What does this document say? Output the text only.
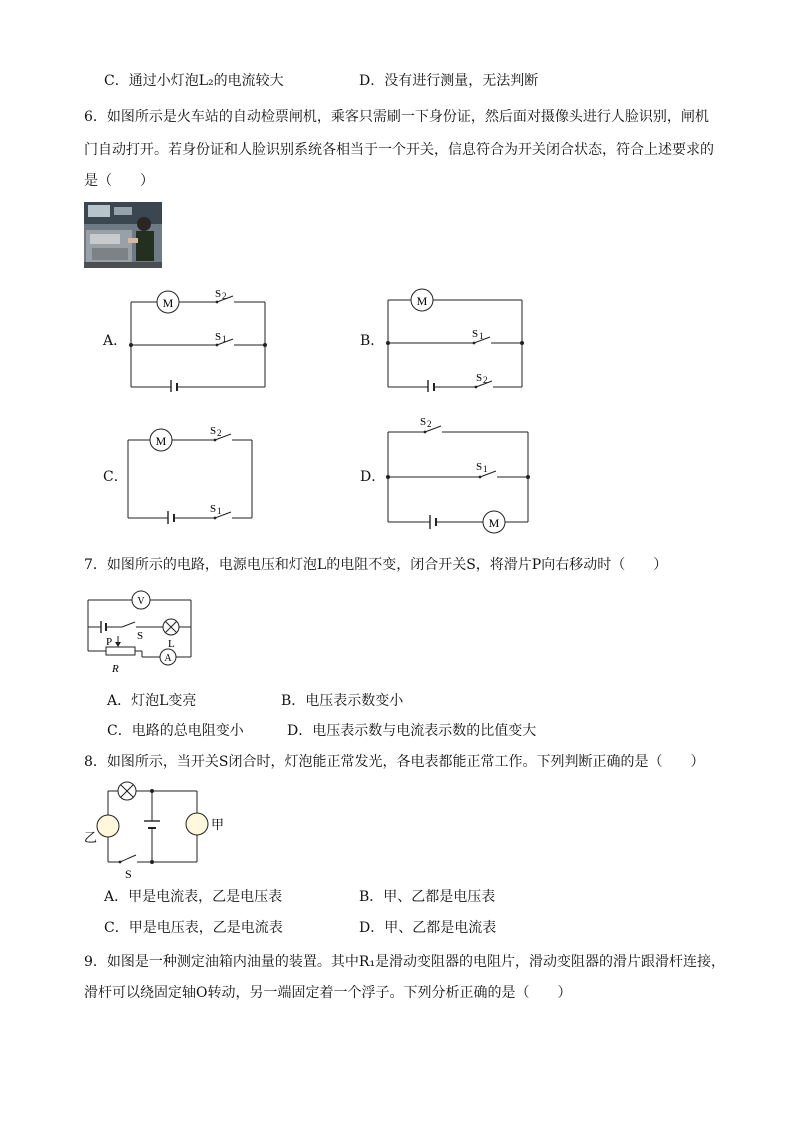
C．通过小灯泡L₂的电流较大	D．没有进行测量，无法判断
6．如图所示是火车站的自动检票闸机，乘客只需刷一下身份证，然后面对摄像头进行人脸识别，闸机
门自动打开。若身份证和人脸识别系统各相当于一个开关，信息符合为开关闭合状态，符合上述要求的
是（　　）
A．
M
S 2
S 1	B．
M
S 1
S 2
C．
M
S 2
S 1
D．
M
S 2
S 1
7．如图所示的电路，电源电压和灯泡L的电阻不变，闭合开关S，将滑片P向右移动时（　　）
V
A
S
L
P
R
A．灯泡L变亮	B．电压表示数变小
C．电路的总电阻变小	D．电压表示数与电流表示数的比值变大
8．如图所示，当开关S闭合时，灯泡能正常发光，各电表都能正常工作。下列判断正确的是（　　）
甲
乙
S
A．甲是电流表，乙是电压表	B．甲、乙都是电压表
C．甲是电压表，乙是电流表	D．甲、乙都是电流表
9．如图是一种测定油箱内油量的装置。其中R₁是滑动变阻器的电阻片，滑动变阻器的滑片跟滑杆连接，
滑杆可以绕固定轴O转动，另一端固定着一个浮子。下列分析正确的是（　　）
